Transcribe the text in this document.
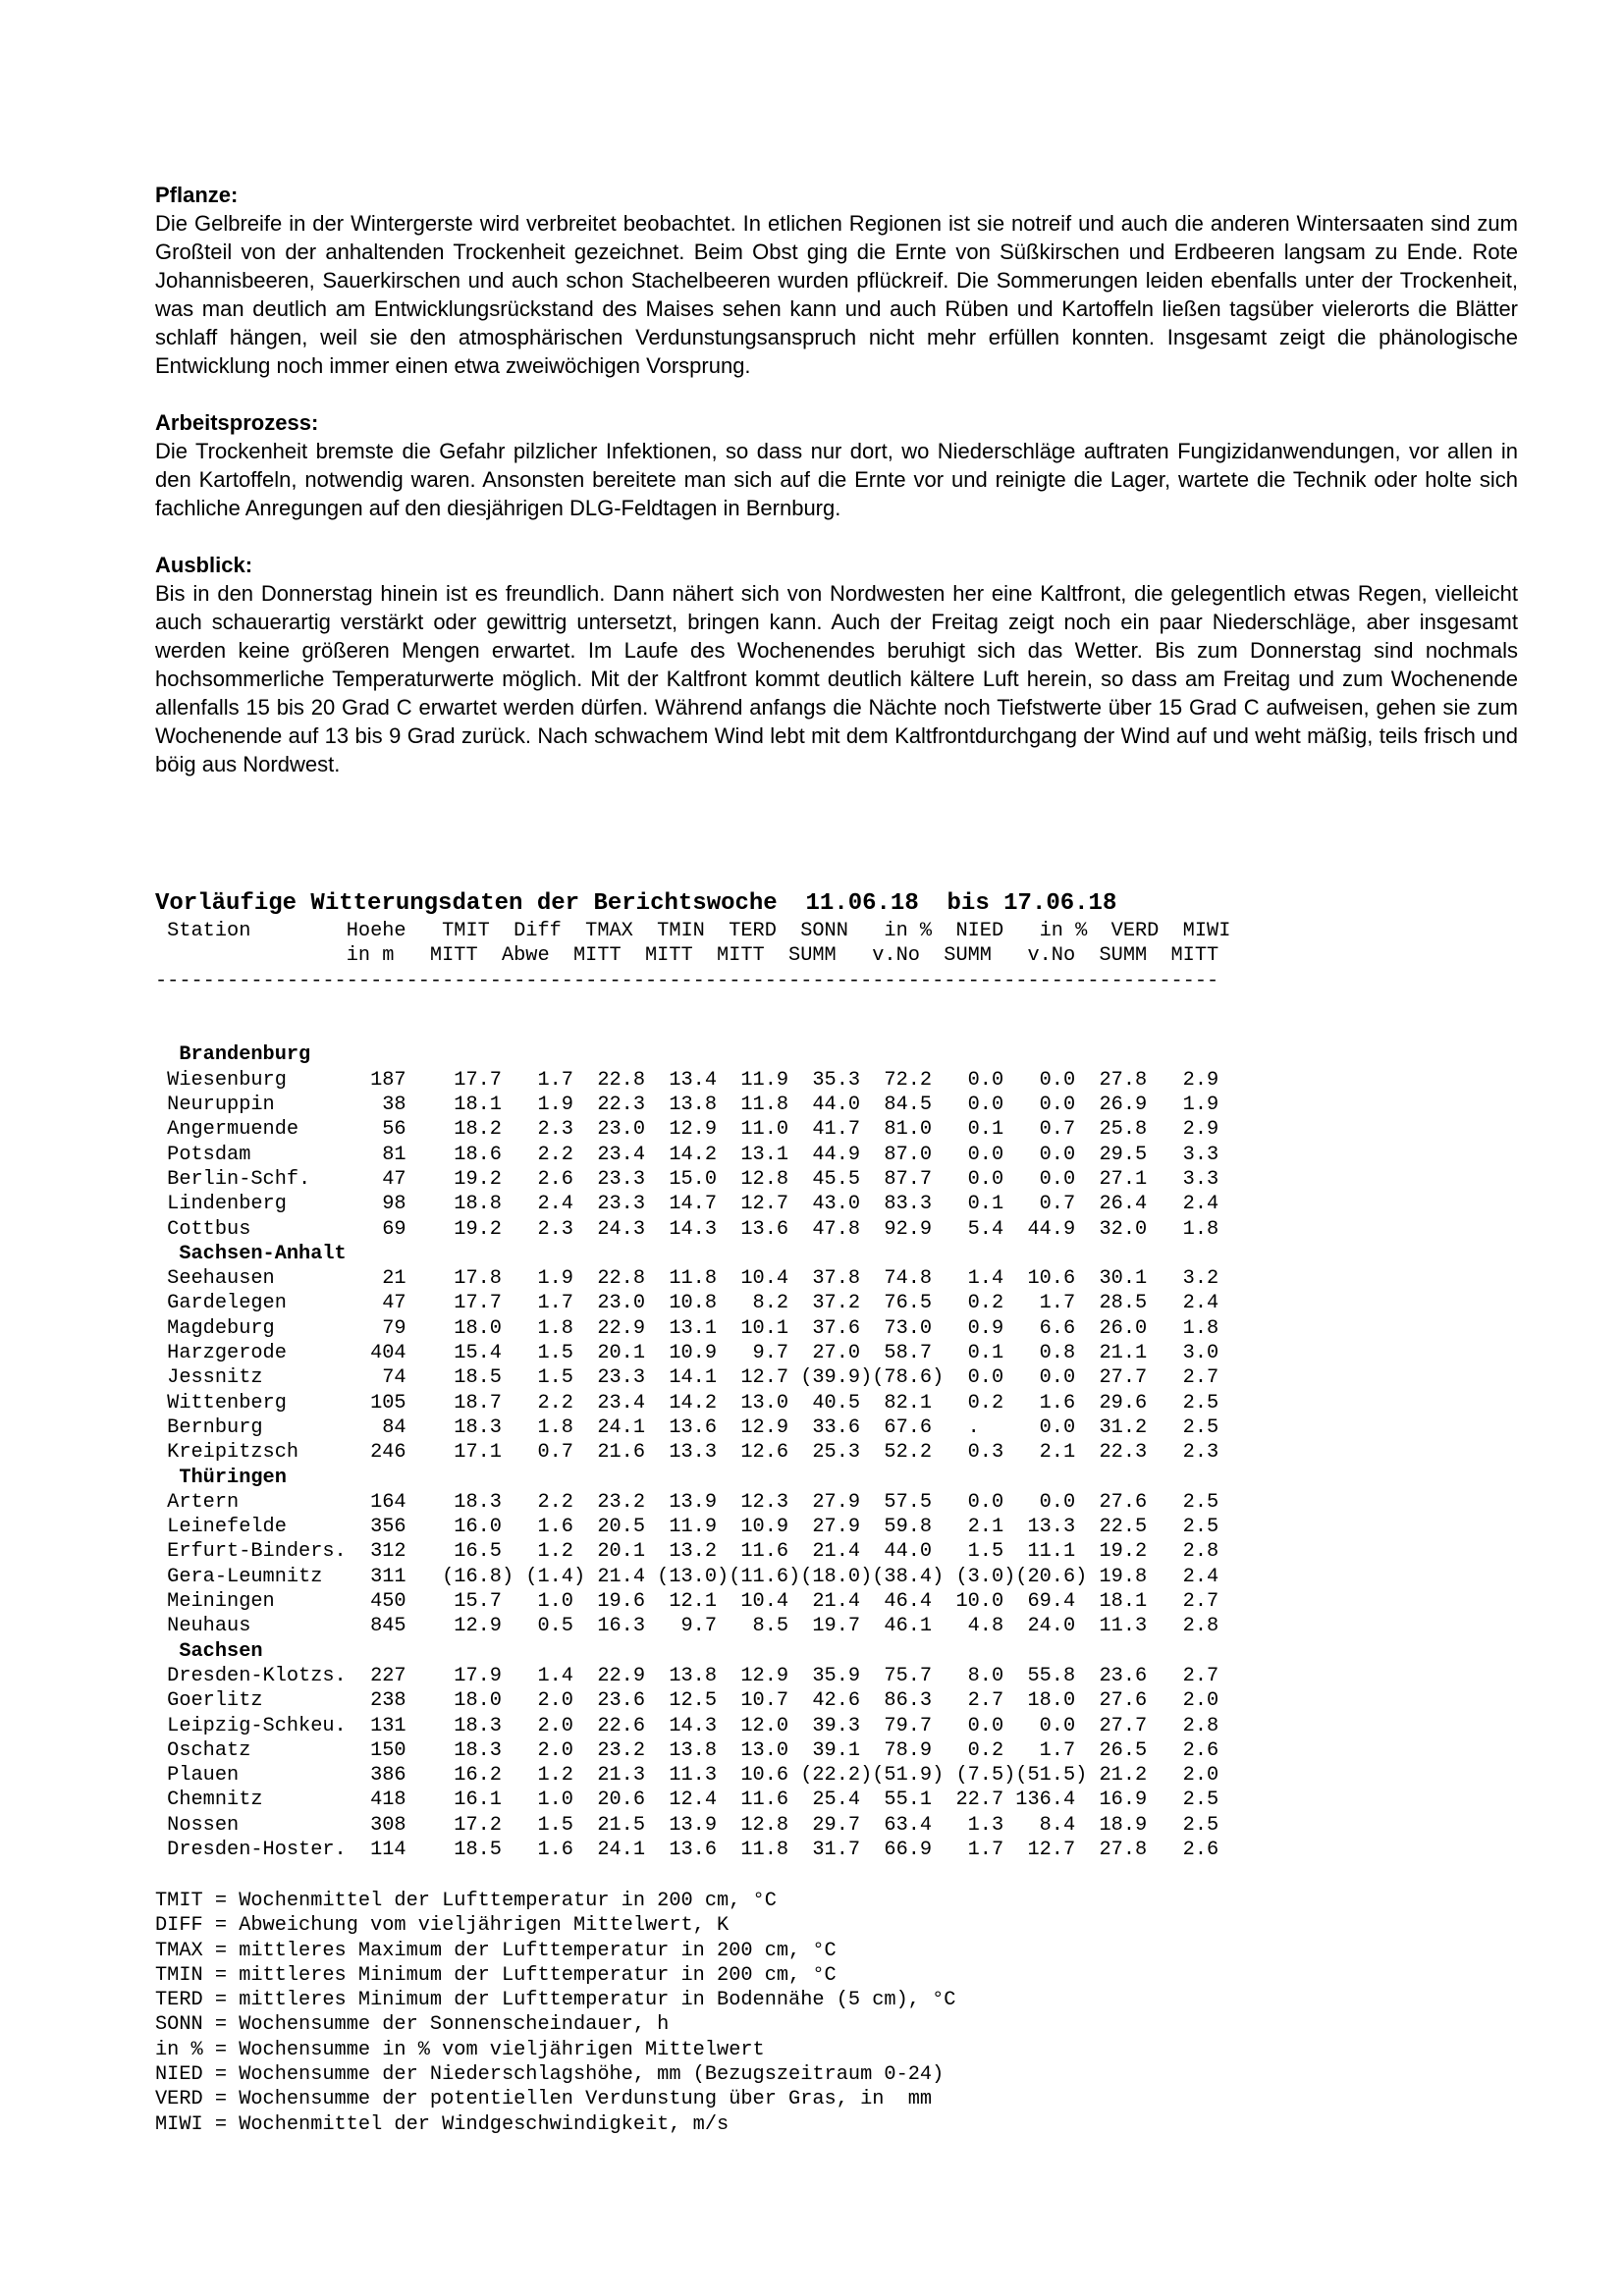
Pflanze:

Die Gelbreife in der Wintergerste wird verbreitet beobachtet. In etlichen Regionen ist sie notreif und auch die anderen Wintersaaten sind zum Großteil von der anhaltenden Trockenheit gezeichnet. Beim Obst ging die Ernte von Süßkirschen und Erdbeeren langsam zu Ende. Rote Johannisbeeren, Sauerkirschen und auch schon Stachelbeeren wurden pflückreif. Die Sommerungen leiden ebenfalls unter der Trockenheit, was man deutlich am Entwicklungsrückstand des Maises sehen kann und auch Rüben und Kartoffeln ließen tagsüber vielerorts die Blätter schlaff hängen, weil sie den atmosphärischen Verdunstungsanspruch nicht mehr erfüllen konnten. Insgesamt zeigt die phänologische Entwicklung noch immer einen etwa zweiwöchigen Vorsprung.

Arbeitsprozess:

Die Trockenheit bremste die Gefahr pilzlicher Infektionen, so dass nur dort, wo Niederschläge auftraten Fungizidanwendungen, vor allen in den Kartoffeln, notwendig waren. Ansonsten bereitete man sich auf die Ernte vor und reinigte die Lager, wartete die Technik oder holte sich fachliche Anregungen auf den diesjährigen DLG-Feldtagen in Bernburg.

Ausblick:

Bis in den Donnerstag hinein ist es freundlich. Dann nähert sich von Nordwesten her eine Kaltfront, die gelegentlich etwas Regen, vielleicht auch schauerartig verstärkt oder gewittrig untersetzt, bringen kann. Auch der Freitag zeigt noch ein paar Niederschläge, aber insgesamt werden keine größeren Mengen erwartet. Im Laufe des Wochenendes beruhigt sich das Wetter. Bis zum Donnerstag sind nochmals hochsommerliche Temperaturwerte möglich. Mit der Kaltfront kommt deutlich kältere Luft herein, so dass am Freitag und zum Wochenende allenfalls 15 bis 20 Grad C erwartet werden dürfen. Während anfangs die Nächte noch Tiefstwerte über 15 Grad C aufweisen, gehen sie zum Wochenende auf 13 bis 9 Grad zurück. Nach schwachem Wind lebt mit dem Kaltfrontdurchgang der Wind auf und weht mäßig, teils frisch und böig aus Nordwest.

Vorläufige Witterungsdaten der Berichtswoche  11.06.18  bis 17.06.18
Station        Hoehe   TMIT  Diff  TMAX  TMIN  TERD  SONN   in %  NIED   in %  VERD  MIWI
in m   MITT  Abwe  MITT  MITT  MITT  SUMM   v.No  SUMM   v.No  SUMM  MITT
-----------------------------------------------------------------------------------------

Brandenburg
Wiesenburg       187    17.7   1.7  22.8  13.4  11.9  35.3  72.2   0.0   0.0  27.8   2.9
Neuruppin         38    18.1   1.9  22.3  13.8  11.8  44.0  84.5   0.0   0.0  26.9   1.9
Angermuende       56    18.2   2.3  23.0  12.9  11.0  41.7  81.0   0.1   0.7  25.8   2.9
Potsdam           81    18.6   2.2  23.4  14.2  13.1  44.9  87.0   0.0   0.0  29.5   3.3
Berlin-Schf.      47    19.2   2.6  23.3  15.0  12.8  45.5  87.7   0.0   0.0  27.1   3.3
Lindenberg        98    18.8   2.4  23.3  14.7  12.7  43.0  83.3   0.1   0.7  26.4   2.4
Cottbus           69    19.2   2.3  24.3  14.3  13.6  47.8  92.9   5.4  44.9  32.0   1.8
Sachsen-Anhalt
Seehausen         21    17.8   1.9  22.8  11.8  10.4  37.8  74.8   1.4  10.6  30.1   3.2
Gardelegen        47    17.7   1.7  23.0  10.8   8.2  37.2  76.5   0.2   1.7  28.5   2.4
Magdeburg         79    18.0   1.8  22.9  13.1  10.1  37.6  73.0   0.9   6.6  26.0   1.8
Harzgerode       404    15.4   1.5  20.1  10.9   9.7  27.0  58.7   0.1   0.8  21.1   3.0
Jessnitz          74    18.5   1.5  23.3  14.1  12.7 (39.9)(78.6)  0.0   0.0  27.7   2.7
Wittenberg       105    18.7   2.2  23.4  14.2  13.0  40.5  82.1   0.2   1.6  29.6   2.5
Bernburg          84    18.3   1.8  24.1  13.6  12.9  33.6  67.6   .     0.0  31.2   2.5
Kreipitzsch      246    17.1   0.7  21.6  13.3  12.6  25.3  52.2   0.3   2.1  22.3   2.3
Thüringen
Artern           164    18.3   2.2  23.2  13.9  12.3  27.9  57.5   0.0   0.0  27.6   2.5
Leinefelde       356    16.0   1.6  20.5  11.9  10.9  27.9  59.8   2.1  13.3  22.5   2.5
Erfurt-Binders.  312    16.5   1.2  20.1  13.2  11.6  21.4  44.0   1.5  11.1  19.2   2.8
Gera-Leumnitz    311   (16.8) (1.4) 21.4 (13.0)(11.6)(18.0)(38.4) (3.0)(20.6) 19.8   2.4
Meiningen        450    15.7   1.0  19.6  12.1  10.4  21.4  46.4  10.0  69.4  18.1   2.7
Neuhaus          845    12.9   0.5  16.3   9.7   8.5  19.7  46.1   4.8  24.0  11.3   2.8
Sachsen
Dresden-Klotzs.  227    17.9   1.4  22.9  13.8  12.9  35.9  75.7   8.0  55.8  23.6   2.7
Goerlitz         238    18.0   2.0  23.6  12.5  10.7  42.6  86.3   2.7  18.0  27.6   2.0
Leipzig-Schkeu.  131    18.3   2.0  22.6  14.3  12.0  39.3  79.7   0.0   0.0  27.7   2.8
Oschatz          150    18.3   2.0  23.2  13.8  13.0  39.1  78.9   0.2   1.7  26.5   2.6
Plauen           386    16.2   1.2  21.3  11.3  10.6 (22.2)(51.9) (7.5)(51.5) 21.2   2.0
Chemnitz         418    16.1   1.0  20.6  12.4  11.6  25.4  55.1  22.7 136.4  16.9   2.5
Nossen           308    17.2   1.5  21.5  13.9  12.8  29.7  63.4   1.3   8.4  18.9   2.5
Dresden-Hoster.  114    18.5   1.6  24.1  13.6  11.8  31.7  66.9   1.7  12.7  27.8   2.6
TMIT = Wochenmittel der Lufttemperatur in 200 cm, °C
DIFF = Abweichung vom vieljährigen Mittelwert, K
TMAX = mittleres Maximum der Lufttemperatur in 200 cm, °C
TMIN = mittleres Minimum der Lufttemperatur in 200 cm, °C
TERD = mittleres Minimum der Lufttemperatur in Bodennähe (5 cm), °C
SONN = Wochensumme der Sonnenscheindauer, h
in % = Wochensumme in % vom vieljährigen Mittelwert
NIED = Wochensumme der Niederschlagshöhe, mm (Bezugszeitraum 0-24)
VERD = Wochensumme der potentiellen Verdunstung über Gras, in  mm
MIWI = Wochenmittel der Windgeschwindigkeit, m/s
